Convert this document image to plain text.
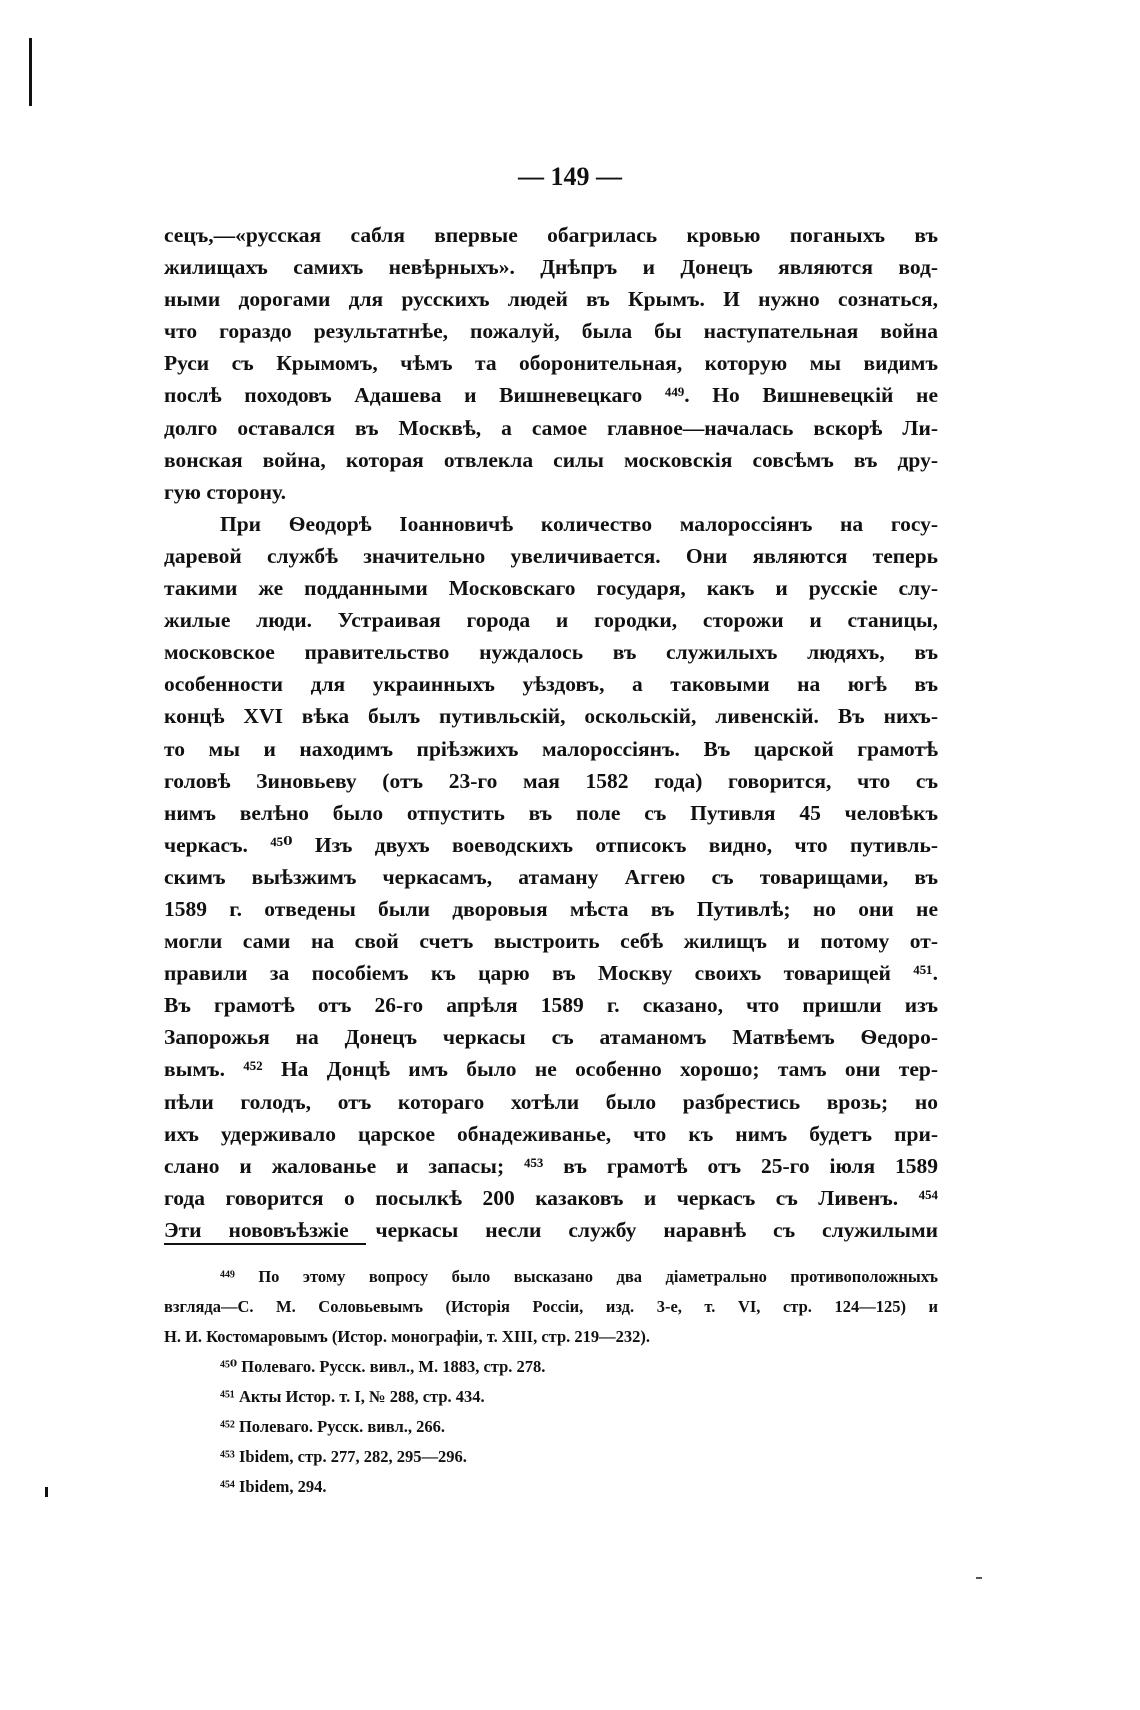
— 149 —
сецъ,—«русская сабля впервые обагрилась кровью поганыхъ въ
жилищахъ самихъ невѣрныхъ». Днѣпръ и Донецъ являются вод-
ными дорогами для русскихъ людей въ Крымъ. И нужно сознаться,
что гораздо результатнѣе, пожалуй, была бы наступательная война
Руси съ Крымомъ, чѣмъ та оборонительная, которую мы видимъ
послѣ походовъ Адашева и Вишневецкаго ⁴⁴⁹. Но Вишневецкій не
долго оставался въ Москвѣ, а самое главное—началась вскорѣ Ли-
вонская война, которая отвлекла силы московскія совсѣмъ въ дру-
гую сторону.
При Ѳеодорѣ Іоанновичѣ количество малороссіянъ на госу-
даревой службѣ значительно увеличивается. Они являются теперь
такими же подданными Московскаго государя, какъ и русскіе слу-
жилые люди. Устраивая города и городки, сторожи и станицы,
московское правительство нуждалось въ служилыхъ людяхъ, въ
особенности для украинныхъ уѣздовъ, а таковыми на югѣ въ
концѣ XVI вѣка былъ путивльскій, оскольскій, ливенскій. Въ нихъ-
то мы и находимъ пріѣзжихъ малороссіянъ. Въ царской грамотѣ
головѣ Зиновьеву (отъ 23-го мая 1582 года) говорится, что съ
нимъ велѣно было отпустить въ поле съ Путивля 45 человѣкъ
черкасъ. ⁴⁵⁰ Изъ двухъ воеводскихъ отписокъ видно, что путивль-
скимъ выѣзжимъ черкасамъ, атаману Аггею съ товарищами, въ
1589 г. отведены были дворовыя мѣста въ Путивлѣ; но они не
могли сами на свой счетъ выстроить себѣ жилищъ и потому от-
правили за пособіемъ къ царю въ Москву своихъ товарищей ⁴⁵¹.
Въ грамотѣ отъ 26-го апрѣля 1589 г. сказано, что пришли изъ
Запорожья на Донецъ черкасы съ атаманомъ Матвѣемъ Ѳедоро-
вымъ. ⁴⁵² На Донцѣ имъ было не особенно хорошо; тамъ они тер-
пѣли голодъ, отъ котораго хотѣли было разбрестись врозь; но
ихъ удерживало царское обнадеживанье, что къ нимъ будетъ при-
слано и жалованье и запасы; ⁴⁵³ въ грамотѣ отъ 25-го іюля 1589
года говорится о посылкѣ 200 казаковъ и черкасъ съ Ливенъ. ⁴⁵⁴
Эти нововъѣзжіе черкасы несли службу наравнѣ съ служилыми
⁴⁴⁹ По этому вопросу было высказано два діаметрально противоположныхъ
взгляда—С. М. Соловьевымъ (Исторія Россіи, изд. 3-е, т. VI, стр. 124—125) и
Н. И. Костомаровымъ (Истор. монографіи, т. XIII, стр. 219—232).
⁴⁵⁰ Полеваго. Русск. вивл., М. 1883, стр. 278.
⁴⁵¹ Акты Истор. т. I, № 288, стр. 434.
⁴⁵² Полеваго. Русск. вивл., 266.
⁴⁵³ Ibidem, стр. 277, 282, 295—296.
⁴⁵⁴ Ibidem, 294.
